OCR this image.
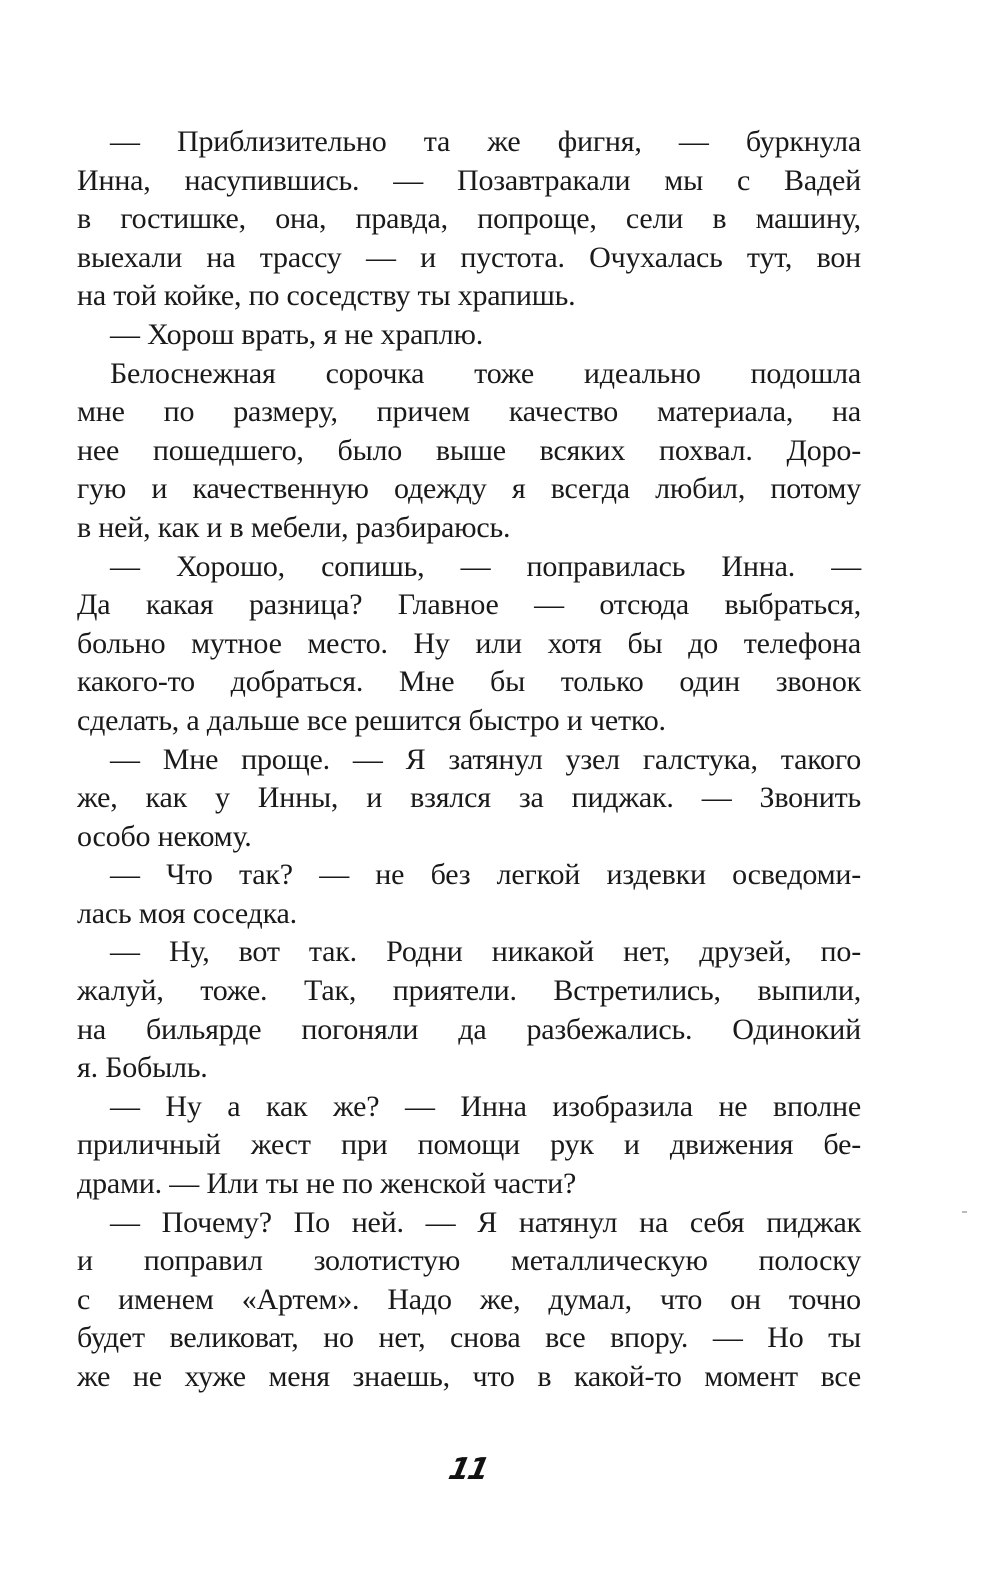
— Приблизительно та же фигня, — буркнула
Инна, насупившись. — Позавтракали мы с Вадей
в гостишке, она, правда, попроще, сели в машину,
выехали на трассу — и пустота. Очухалась тут, вон
на той койке, по соседству ты храпишь.
— Хорош врать, я не храплю.
Белоснежная сорочка тоже идеально подошла
мне по размеру, причем качество материала, на
нее пошедшего, было выше всяких похвал. Доро-
гую и качественную одежду я всегда любил, потому
в ней, как и в мебели, разбираюсь.
— Хорошо, сопишь, — поправилась Инна. —
Да какая разница? Главное — отсюда выбраться,
больно мутное место. Ну или хотя бы до телефона
какого-то добраться. Мне бы только один звонок
сделать, а дальше все решится быстро и четко.
— Мне проще. — Я затянул узел галстука, такого
же, как у Инны, и взялся за пиджак. — Звонить
особо некому.
— Что так? — не без легкой издевки осведоми-
лась моя соседка.
— Ну, вот так. Родни никакой нет, друзей, по-
жалуй, тоже. Так, приятели. Встретились, выпили,
на бильярде погоняли да разбежались. Одинокий
я. Бобыль.
— Ну а как же? — Инна изобразила не вполне
приличный жест при помощи рук и движения бе-
драми. — Или ты не по женской части?
— Почему? По ней. — Я натянул на себя пиджак
и поправил золотистую металлическую полоску
с именем «Артем». Надо же, думал, что он точно
будет великоват, но нет, снова все впору. — Но ты
же не хуже меня знаешь, что в какой-то момент все
11
